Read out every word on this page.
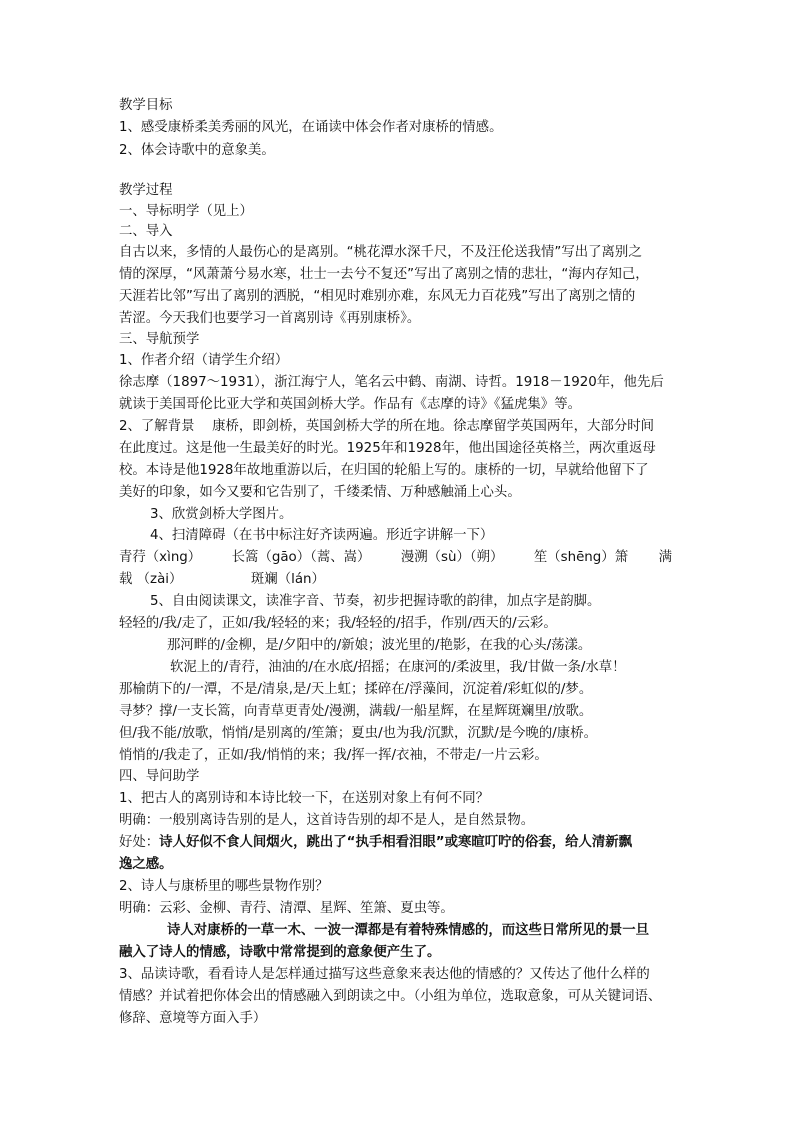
教学目标
1、感受康桥柔美秀丽的风光，在诵读中体会作者对康桥的情感。
2、体会诗歌中的意象美。
教学过程
一、导标明学（见上）
二、导入
自古以来，多情的人最伤心的是离别。“桃花潭水深千尺，不及汪伦送我情”写出了离别之
情的深厚，“风萧萧兮易水寒，壮士一去兮不复还”写出了离别之情的悲壮，“海内存知己，
天涯若比邻”写出了离别的洒脱，“相见时难别亦难，东风无力百花残”写出了离别之情的
苦涩。今天我们也要学习一首离别诗《再别康桥》。
三、导航预学
1、作者介绍（请学生介绍）
徐志摩（1897～1931），浙江海宁人，笔名云中鹤、南湖、诗哲。1918－1920年，他先后
就读于美国哥伦比亚大学和英国剑桥大学。作品有《志摩的诗》《猛虎集》等。
2、了解背景　 康桥，即剑桥，英国剑桥大学的所在地。徐志摩留学英国两年，大部分时间
在此度过。这是他一生最美好的时光。1925年和1928年，他出国途径英格兰，两次重返母
校。本诗是他1928年故地重游以后，在归国的轮船上写的。康桥的一切，早就给他留下了
美好的印象，如今又要和它告别了，千缕柔情、万种感触涌上心头。
3、欣赏剑桥大学图片。
4、扫清障碍（在书中标注好齐读两遍。形近字讲解一下）
青荇（xìng） 长篙（gāo）（蒿、嵩） 漫溯（sù）（朔） 笙（shēng）箫 满
载 （zài）	斑斓（lán）
5、自由阅读课文，读准字音、节奏，初步把握诗歌的韵律，加点字是韵脚。
轻轻的/我/走了，正如/我/轻轻的来；我/轻轻的/招手，作别/西天的/云彩。
那河畔的/金柳，是/夕阳中的/新娘；波光里的/艳影，在我的心头/荡漾。
软泥上的/青荇，油油的/在水底/招摇；在康河的/柔波里，我/甘做一条/水草！
那榆荫下的/一潭，不是/清泉,是/天上虹；揉碎在/浮藻间，沉淀着/彩虹似的/梦。
寻梦？撑/一支长篙，向青草更青处/漫溯，满载/一船星辉，在星辉斑斓里/放歌。
但/我不能/放歌，悄悄/是别离的/笙箫；夏虫/也为我/沉默，沉默/是今晚的/康桥。
悄悄的/我走了，正如/我/悄悄的来；我/挥一挥/衣袖，不带走/一片云彩。
四、导问助学
1、把古人的离别诗和本诗比较一下，在送别对象上有何不同？
明确：一般别离诗告别的是人，这首诗告别的却不是人，是自然景物。
好处：诗人好似不食人间烟火，跳出了“执手相看泪眼”或寒暄叮咛的俗套，给人清新飘
逸之感。
2、诗人与康桥里的哪些景物作别？
明确：云彩、金柳、青荇、清潭、星辉、笙箫、夏虫等。
诗人对康桥的一草一木、一波一潭都是有着特殊情感的，而这些日常所见的景一旦
融入了诗人的情感，诗歌中常常提到的意象便产生了。
3、品读诗歌，看看诗人是怎样通过描写这些意象来表达他的情感的？又传达了他什么样的
情感？并试着把你体会出的情感融入到朗读之中。（小组为单位，选取意象，可从关键词语、
修辞、意境等方面入手）
